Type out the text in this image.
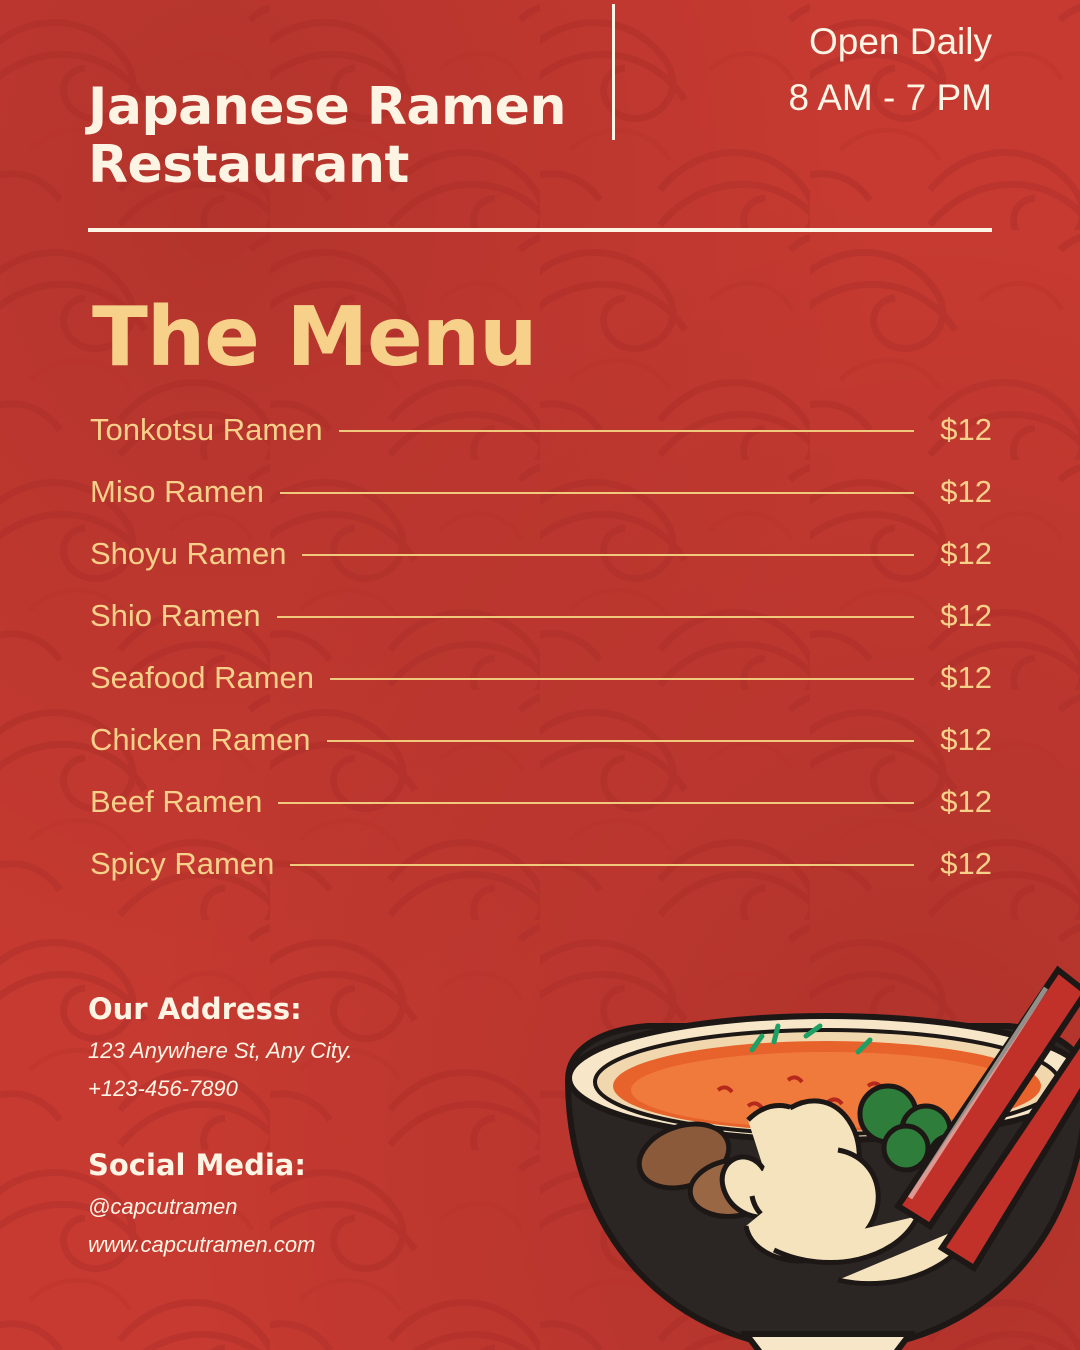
Japanese Ramen
Restaurant
Open Daily
8 AM - 7 PM
The Menu
Tonkotsu Ramen	$12
Miso Ramen	$12
Shoyu Ramen	$12
Shio Ramen	$12
Seafood Ramen	$12
Chicken Ramen	$12
Beef Ramen	$12
Spicy Ramen	$12
Our Address:

123 Anywhere St, Any City.

+123-456-7890

Social Media:

@capcutramen

www.capcutramen.com
